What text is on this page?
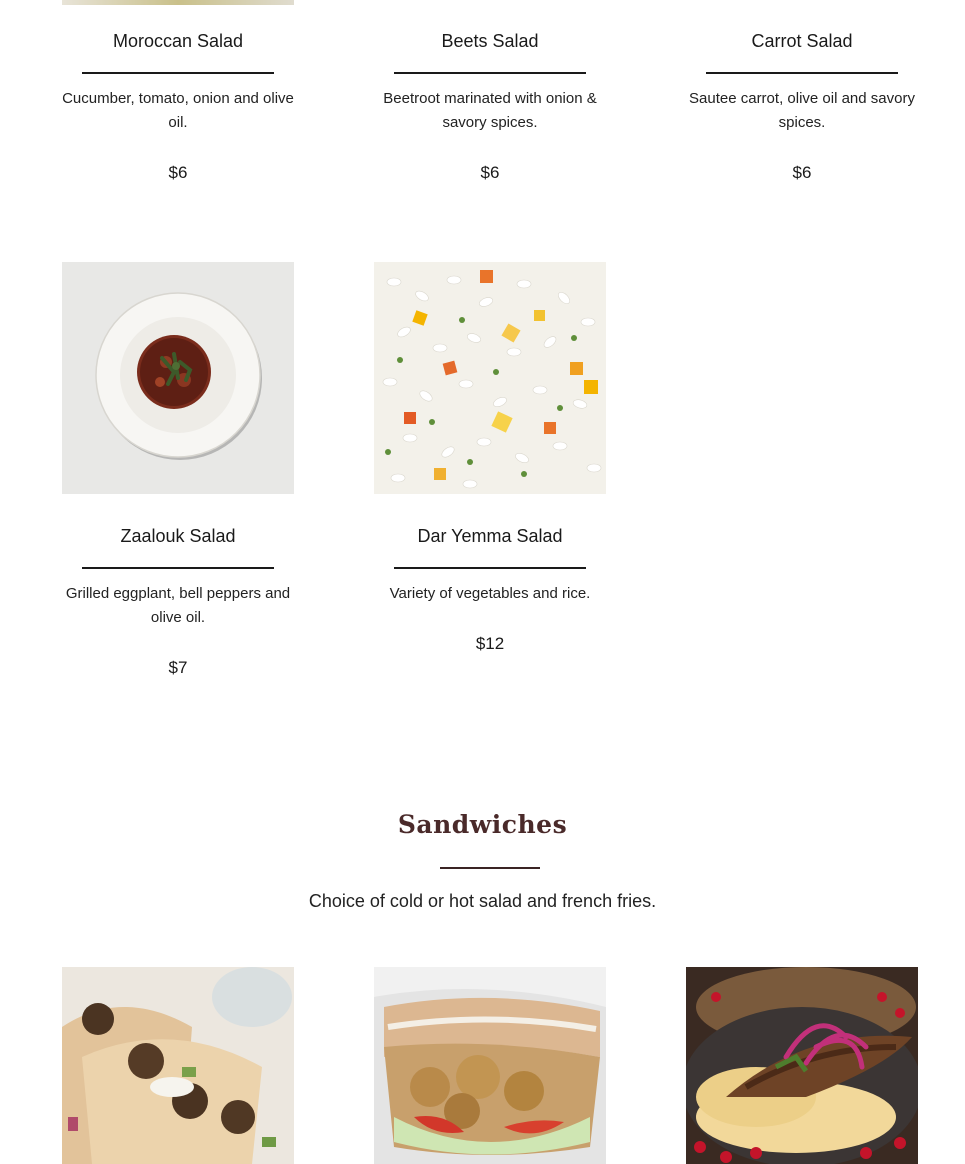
Moroccan Salad
Cucumber, tomato, onion and olive oil.
$6
Beets Salad
Beetroot marinated with onion & savory spices.
$6
Carrot Salad
Sautee carrot, olive oil and savory spices.
$6
Zaalouk Salad
Grilled eggplant, bell peppers and olive oil.
$7
Dar Yemma Salad
Variety of vegetables and rice.
$12
Sandwiches
Choice of cold or hot salad and french fries.
